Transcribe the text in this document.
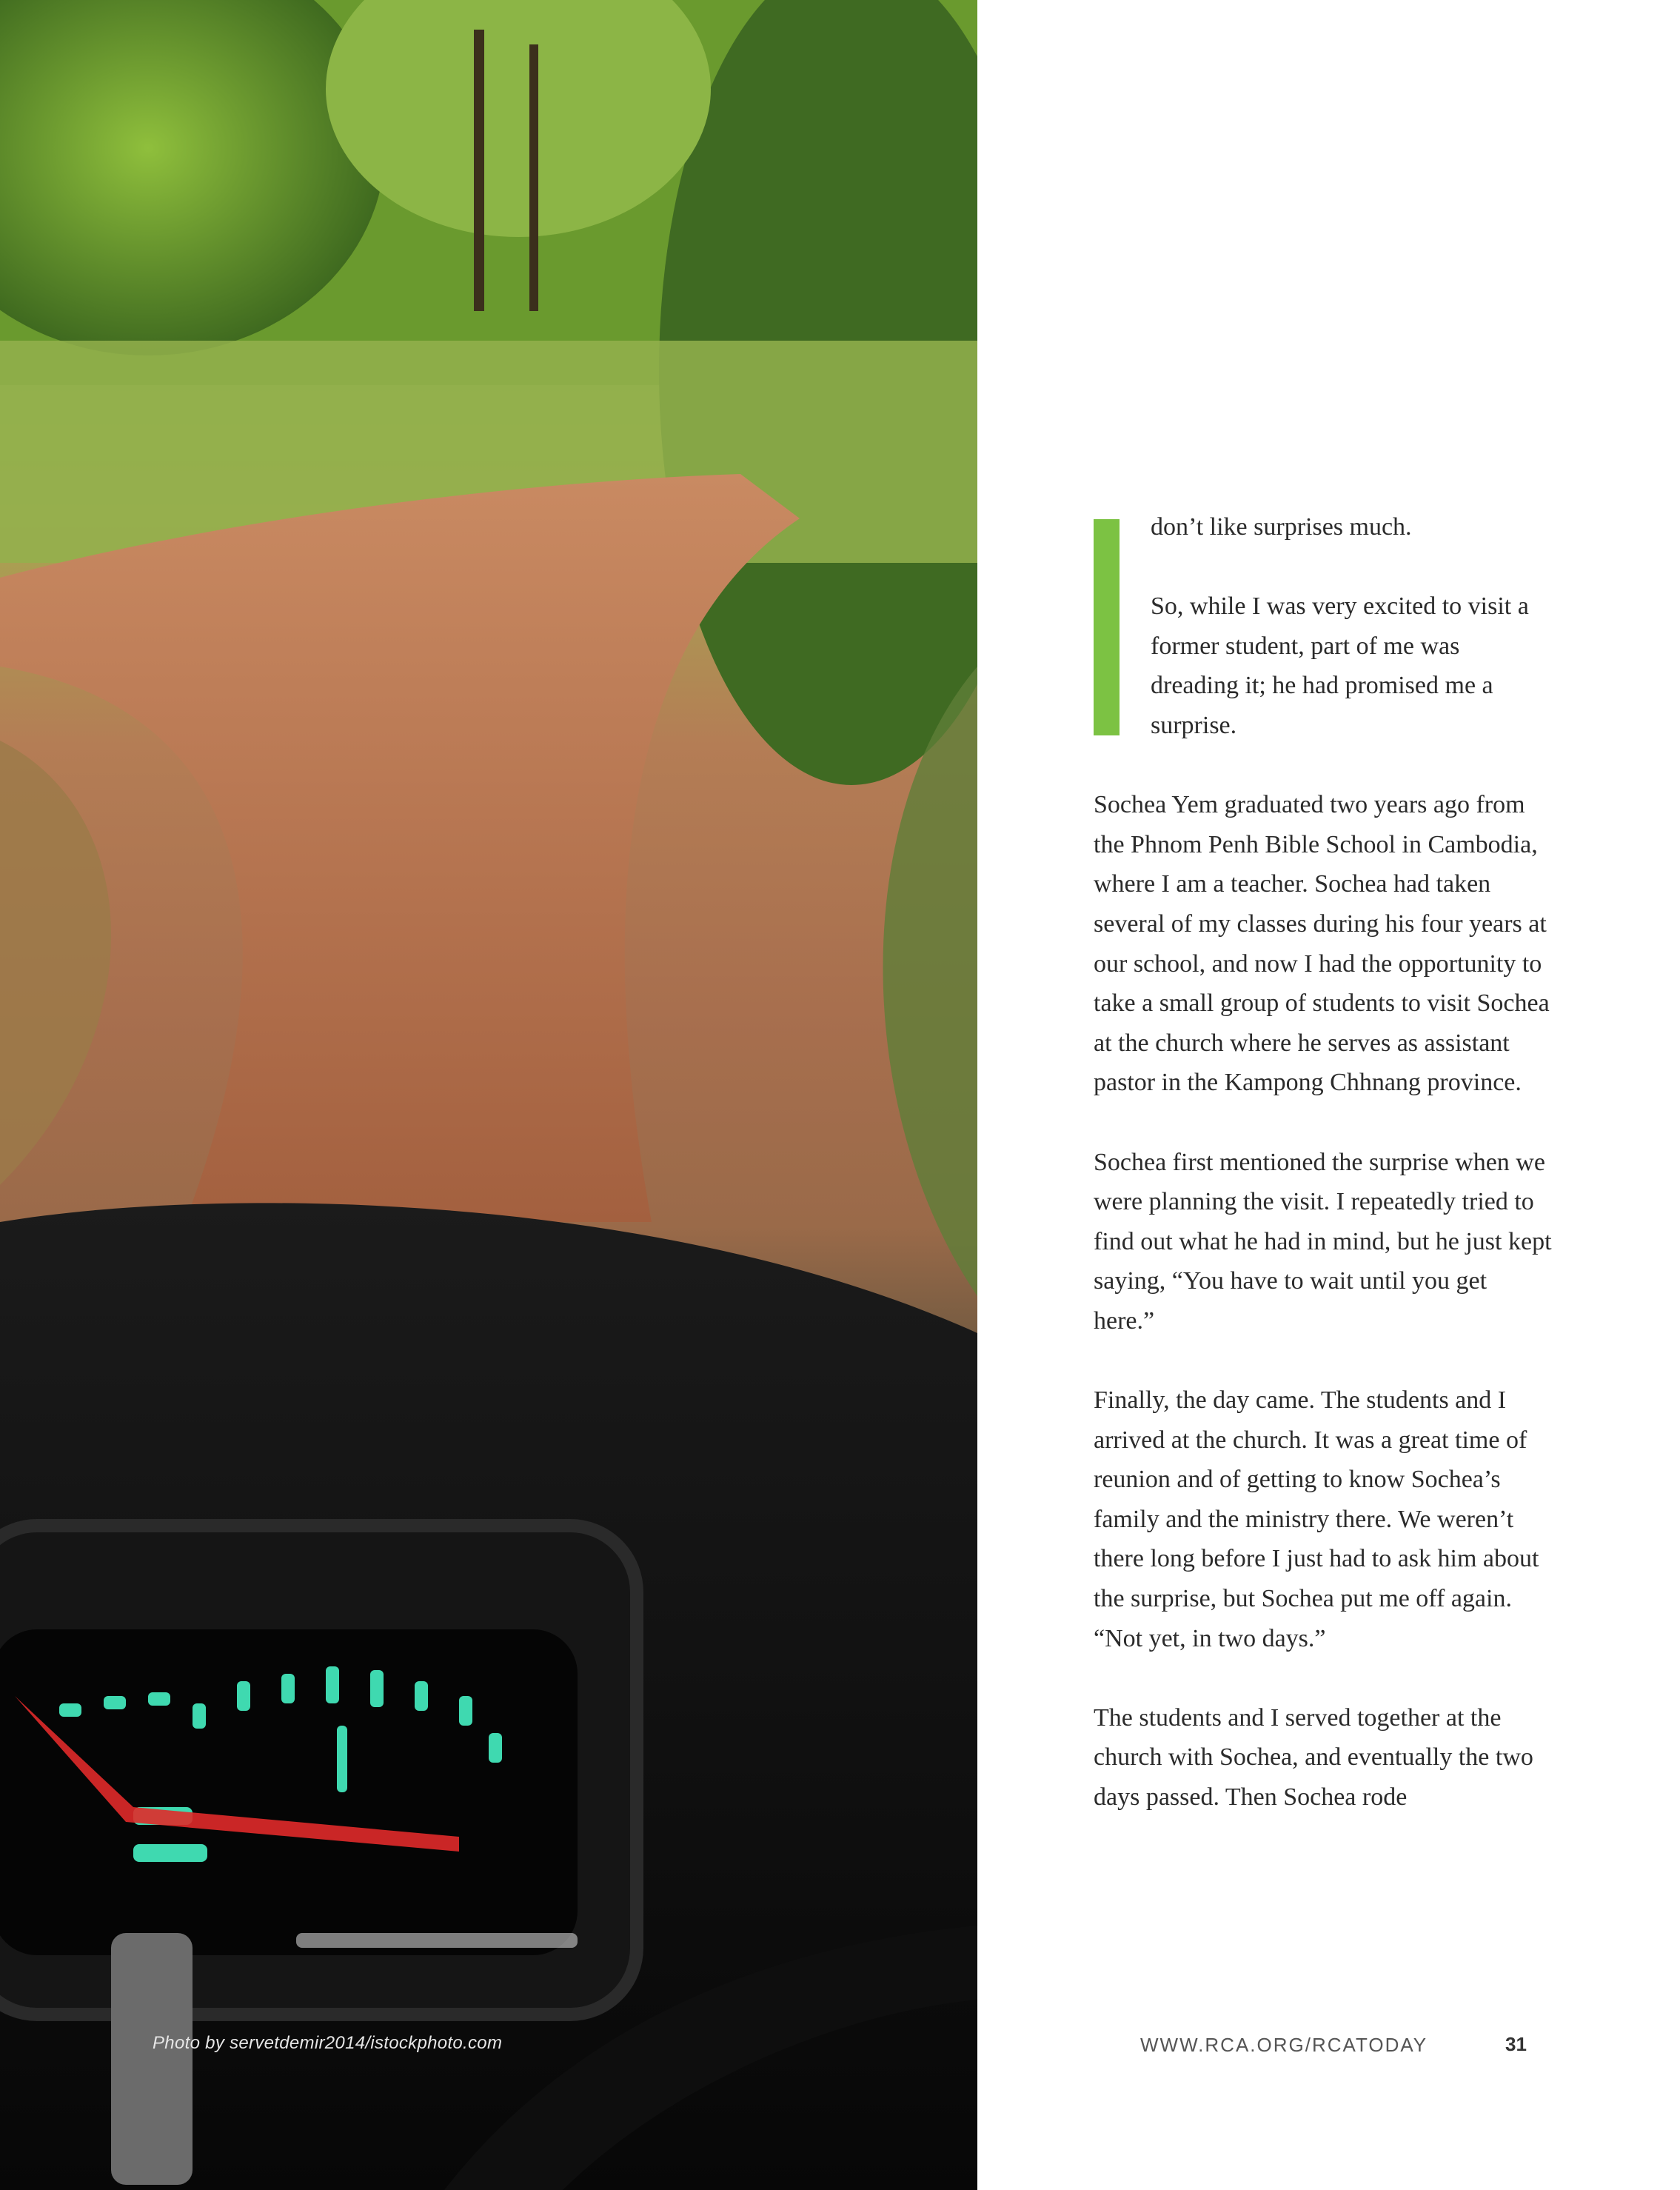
Photo by servetdemir2014/istockphoto.com

don’t like surprises much.

So, while I was very excited to visit a former student, part of me was dreading it; he had promised me a surprise.

Sochea Yem graduated two years ago from the Phnom Penh Bible School in Cambodia, where I am a teacher. Sochea had taken several of my classes during his four years at our school, and now I had the opportunity to take a small group of students to visit Sochea at the church where he serves as assistant pastor in the Kampong Chhnang province.

Sochea first mentioned the surprise when we were planning the visit. I repeatedly tried to find out what he had in mind, but he just kept saying, “You have to wait until you get here.”

Finally, the day came. The students and I arrived at the church. It was a great time of reunion and of getting to know Sochea’s family and the ministry there. We weren’t there long before I just had to ask him about the surprise, but Sochea put me off again. “Not yet, in two days.”

The students and I served together at the church with Sochea, and eventually the two days passed. Then Sochea rode

WWW.RCA.ORG/RCATODAY	31
